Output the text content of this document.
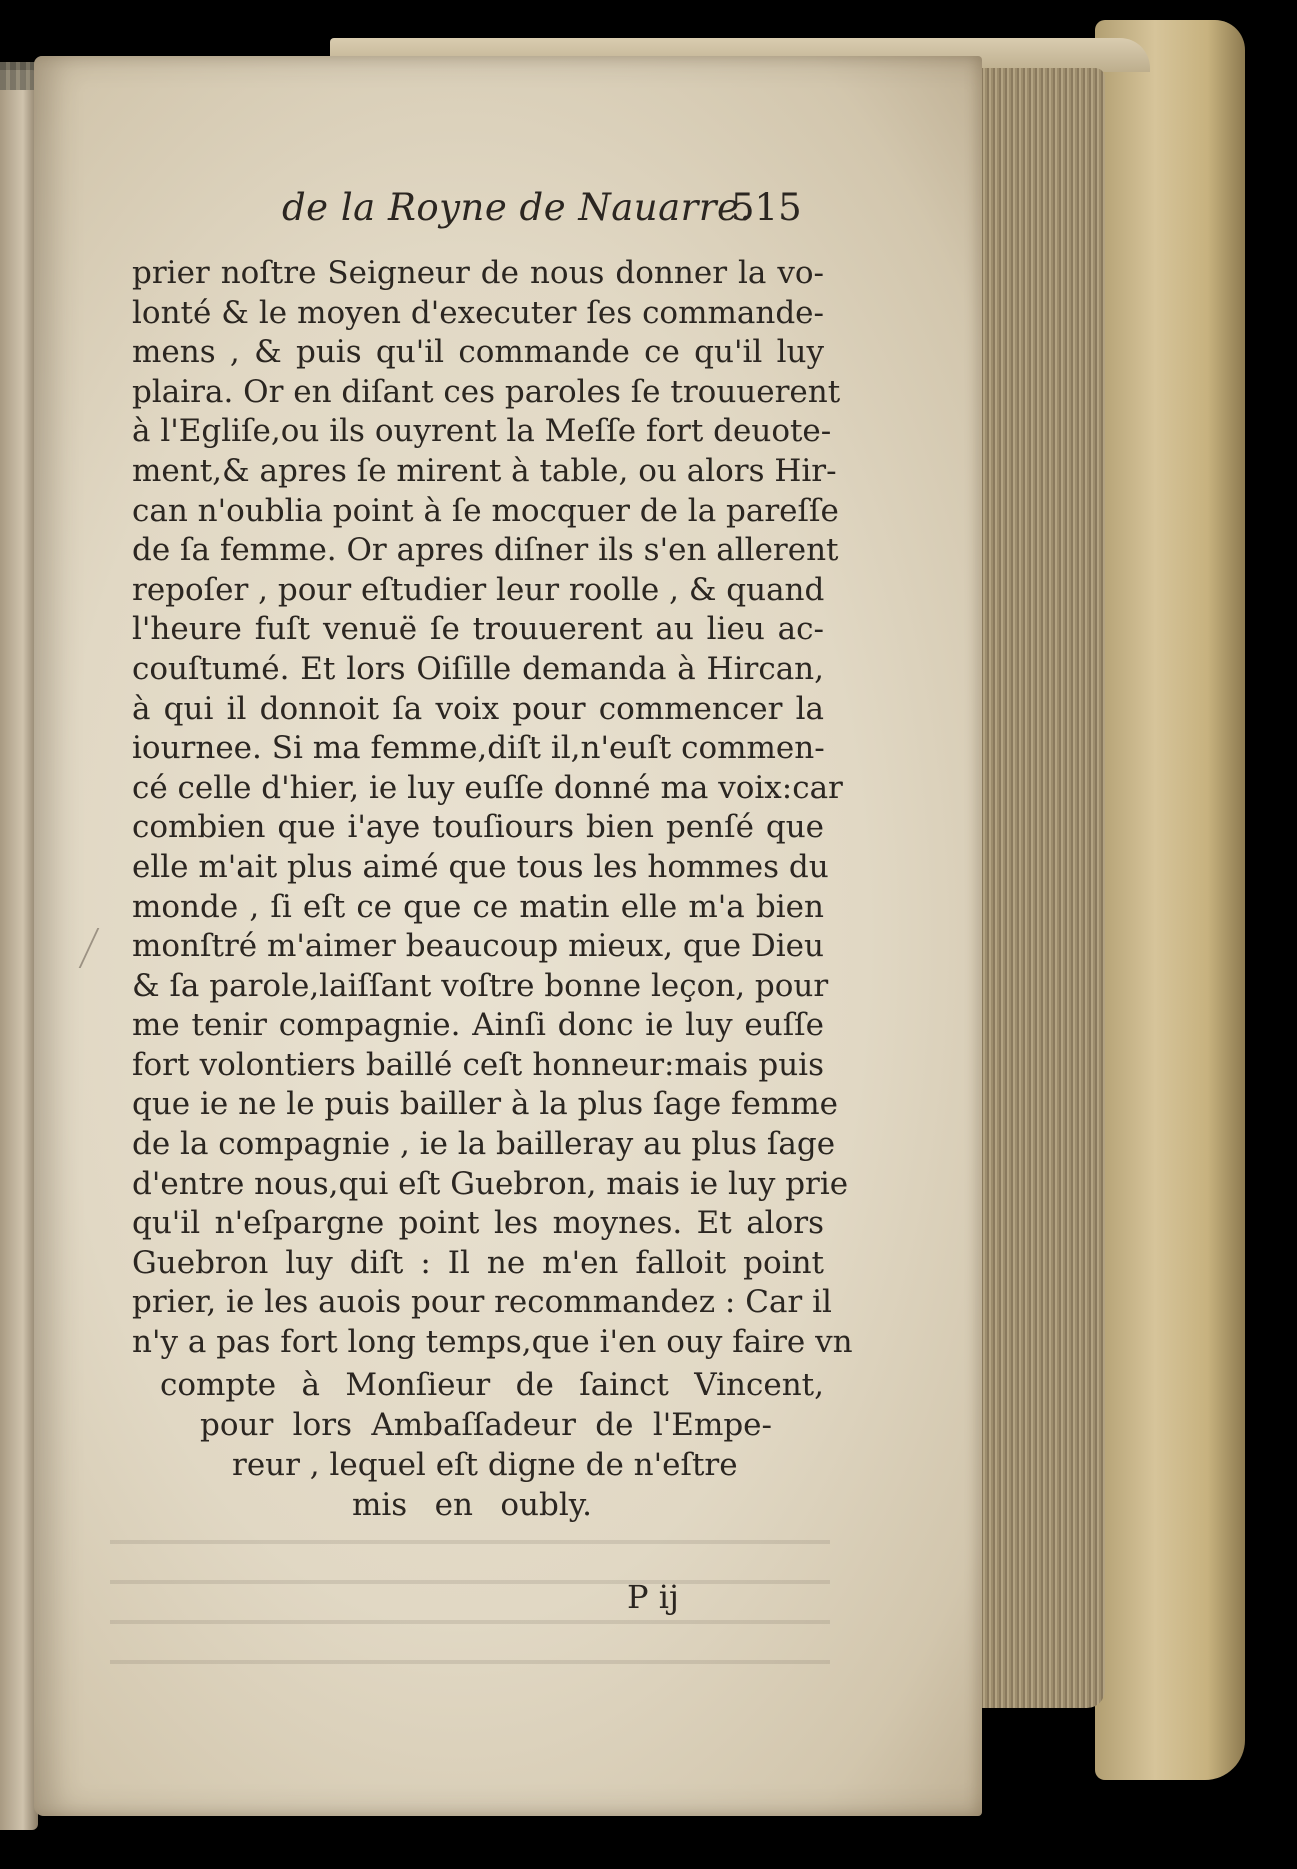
de la Royne de Nauarre.
515
prier noſtre Seigneur de nous donner la vo-
lonté & le moyen d'executer ſes commande-
mens , & puis qu'il commande ce qu'il luy
plaira. Or en diſant ces paroles ſe trouuerent
à l'Egliſe,ou ils ouyrent la Meſſe fort deuote-
ment,& apres ſe mirent à table, ou alors Hir-
can n'oublia point à ſe mocquer de la pareſſe
de ſa femme. Or apres diſner ils s'en allerent
repoſer , pour eſtudier leur roolle , & quand
l'heure fuſt venuë ſe trouuerent au lieu ac-
couſtumé. Et lors Oiſille demanda à Hircan,
à qui il donnoit ſa voix pour commencer la
iournee. Si ma femme,diſt il,n'euſt commen-
cé celle d'hier, ie luy euſſe donné ma voix:car
combien que i'aye touſiours bien penſé que
elle m'ait plus aimé que tous les hommes du
monde , ſi eſt ce que ce matin elle m'a bien
monſtré m'aimer beaucoup mieux, que Dieu
& ſa parole,laiſſant voſtre bonne leçon, pour
me tenir compagnie. Ainſi donc ie luy euſſe
fort volontiers baillé ceſt honneur:mais puis
que ie ne le puis bailler à la plus ſage femme
de la compagnie , ie la bailleray au plus ſage
d'entre nous,qui eſt Guebron, mais ie luy prie
qu'il n'eſpargne point les moynes. Et alors
Guebron luy diſt : Il ne m'en falloit point
prier, ie les auois pour recommandez : Car il
n'y a pas fort long temps,que i'en ouy faire vn
compte à Monſieur de ſainct Vincent,
pour lors Ambaſſadeur de l'Empe-
reur , lequel eſt digne de n'eſtre
mis en oubly.
P ij
